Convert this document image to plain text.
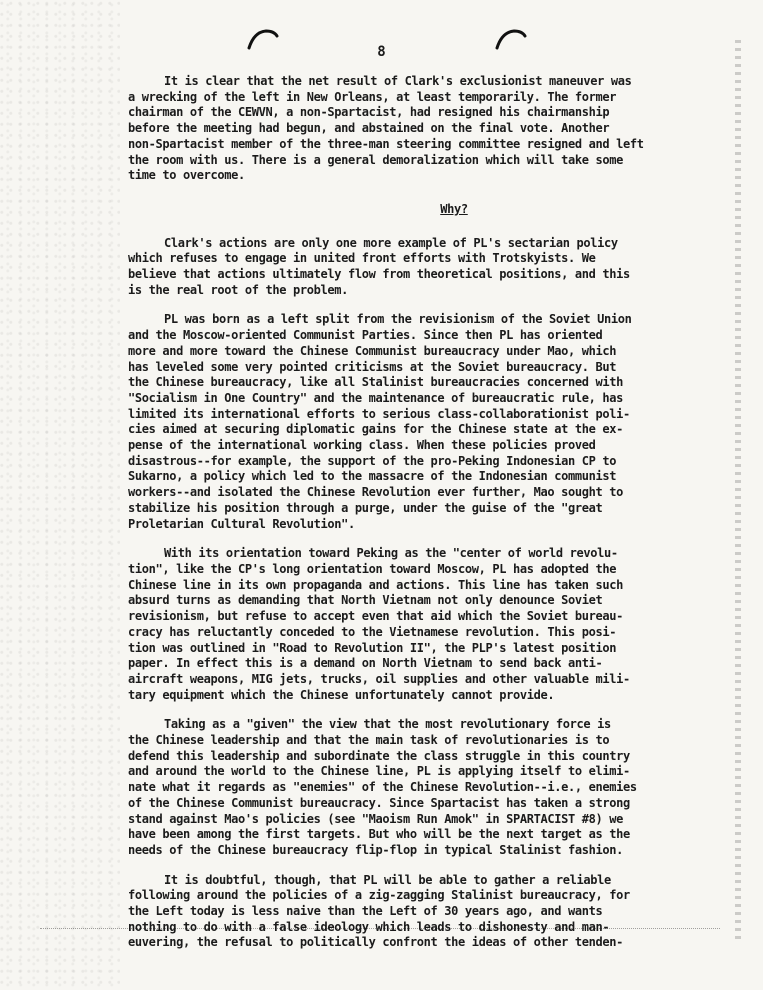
8
It is clear that the net result of Clark's exclusionist maneuver was
a wrecking of the left in New Orleans, at least temporarily. The former
chairman of the CEWVN, a non-Spartacist, had resigned his chairmanship
before the meeting had begun, and abstained on the final vote. Another
non-Spartacist member of the three-man steering committee resigned and left
the room with us. There is a general demoralization which will take some
time to overcome.
Why?
Clark's actions are only one more example of PL's sectarian policy
which refuses to engage in united front efforts with Trotskyists. We
believe that actions ultimately flow from theoretical positions, and this
is the real root of the problem.
PL was born as a left split from the revisionism of the Soviet Union
and the Moscow-oriented Communist Parties. Since then PL has oriented
more and more toward the Chinese Communist bureaucracy under Mao, which
has leveled some very pointed criticisms at the Soviet bureaucracy. But
the Chinese bureaucracy, like all Stalinist bureaucracies concerned with
"Socialism in One Country" and the maintenance of bureaucratic rule, has
limited its international efforts to serious class-collaborationist poli-
cies aimed at securing diplomatic gains for the Chinese state at the ex-
pense of the international working class. When these policies proved
disastrous--for example, the support of the pro-Peking Indonesian CP to
Sukarno, a policy which led to the massacre of the Indonesian communist
workers--and isolated the Chinese Revolution ever further, Mao sought to
stabilize his position through a purge, under the guise of the "great
Proletarian Cultural Revolution".
With its orientation toward Peking as the "center of world revolu-
tion", like the CP's long orientation toward Moscow, PL has adopted the
Chinese line in its own propaganda and actions. This line has taken such
absurd turns as demanding that North Vietnam not only denounce Soviet
revisionism, but refuse to accept even that aid which the Soviet bureau-
cracy has reluctantly conceded to the Vietnamese revolution. This posi-
tion was outlined in "Road to Revolution II", the PLP's latest position
paper. In effect this is a demand on North Vietnam to send back anti-
aircraft weapons, MIG jets, trucks, oil supplies and other valuable mili-
tary equipment which the Chinese unfortunately cannot provide.
Taking as a "given" the view that the most revolutionary force is
the Chinese leadership and that the main task of revolutionaries is to
defend this leadership and subordinate the class struggle in this country
and around the world to the Chinese line, PL is applying itself to elimi-
nate what it regards as "enemies" of the Chinese Revolution--i.e., enemies
of the Chinese Communist bureaucracy. Since Spartacist has taken a strong
stand against Mao's policies (see "Maoism Run Amok" in SPARTACIST #8) we
have been among the first targets. But who will be the next target as the
needs of the Chinese bureaucracy flip-flop in typical Stalinist fashion.
It is doubtful, though, that PL will be able to gather a reliable
following around the policies of a zig-zagging Stalinist bureaucracy, for
the Left today is less naive than the Left of 30 years ago, and wants
nothing to do with a false ideology which leads to dishonesty and man-
euvering, the refusal to politically confront the ideas of other tenden-
